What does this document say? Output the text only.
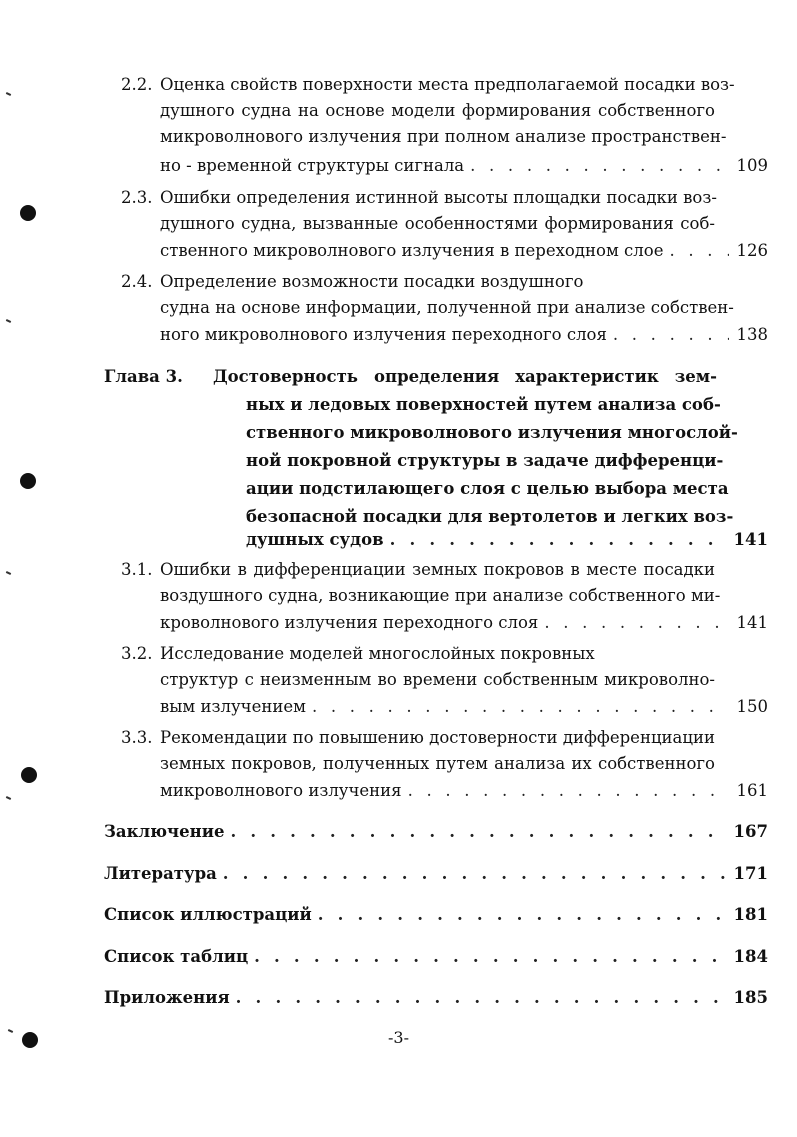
2.2. Оценка свойств поверхности места предполагаемой посадки воз-
душного судна на основе модели формирования собственного
микроволнового излучения при полном анализе пространствен-
но - временной структуры сигнала . . .	109
2.3. Ошибки определения истинной высоты площадки посадки воз-
душного судна, вызванные особенностями формирования соб-
ственного микроволнового излучения в переходном слое . . .	126
2.4. Определение возможности посадки воздушного
судна на основе информации, полученной при анализе собствен-
ного микроволнового излучения переходного слоя . . .	138
Глава 3. Достоверность определения характеристик зем-
ных и ледовых поверхностей путем анализа соб-
ственного микроволнового излучения многослой-
ной покровной структуры в задаче дифференци-
ации подстилающего слоя с целью выбора места
безопасной посадки для вертолетов и легких воз-
душных судов . . .	141
3.1. Ошибки в дифференциации земных покровов в месте посадки
воздушного судна, возникающие при анализе собственного ми-
кроволнового излучения переходного слоя . . .	141
3.2. Исследование моделей многослойных покровных
структур с неизменным во времени собственным микроволно-
вым излучением . . .	150
3.3. Рекомендации по повышению достоверности дифференциации
земных покровов, полученных путем анализа их собственного
микроволнового излучения . . .	161
Заключение . . .	167
Литература . . .	171
Список иллюстраций . . .	181
Список таблиц . . .	184
Приложения . . .	185
-3-
